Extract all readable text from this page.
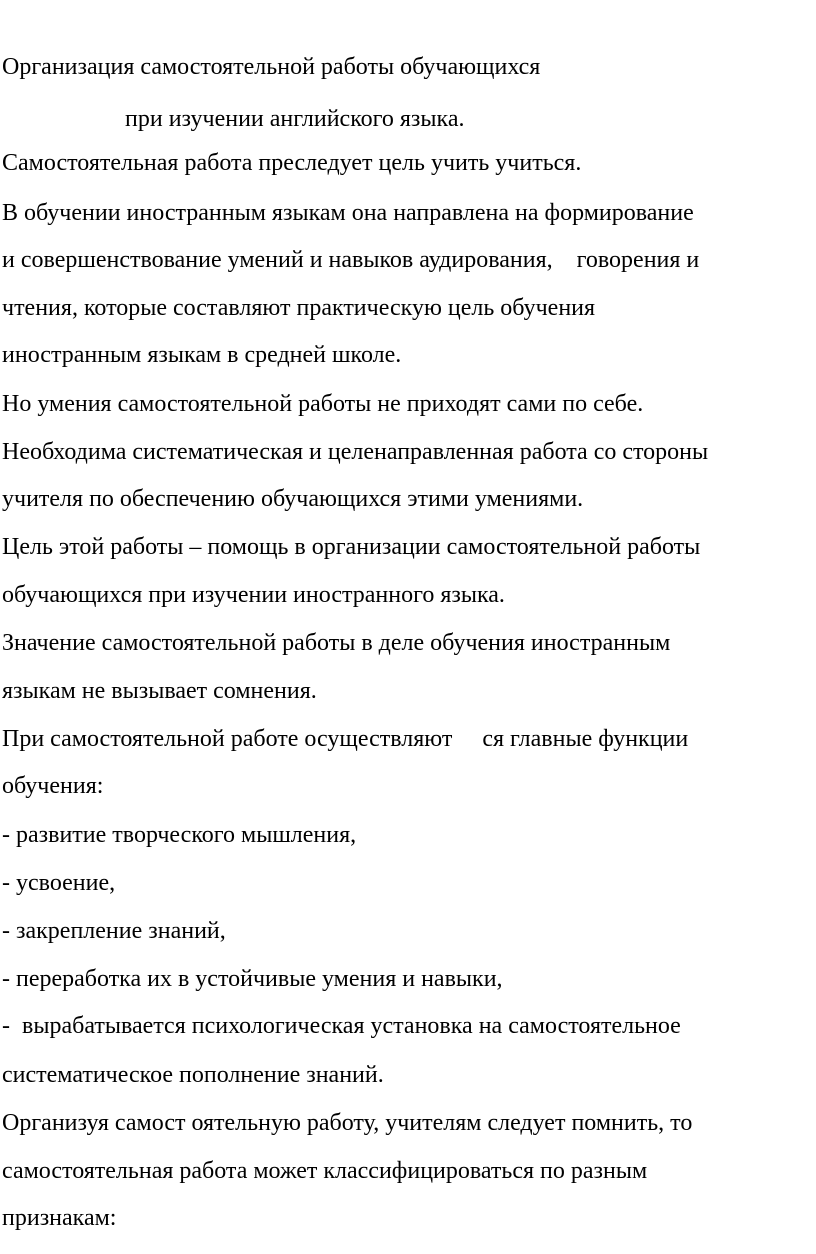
Организация самостоятельной работы обучающихся
при изучении английского языка.
Самостоятельная работа преследует цель учить учиться.
В обучении иностранным языкам она направлена на формирование
и совершенствование умений и навыков аудирования,    говорения и
чтения, которые составляют практическую цель обучения
иностранным языкам в средней школе.
Но умения самостоятельной работы не приходят сами по себе.
Необходима систематическая и целенаправленная работа со стороны
учителя по обеспечению обучающихся этими умениями.
Цель этой работы – помощь в организации самостоятельной работы
обучающихся при изучении иностранного языка.
Значение самостоятельной работы в деле обучения иностранным
языкам не вызывает сомнения.
При самостоятельной работе осуществляют     ся главные функции
обучения:
- развитие творческого мышления,
- усвоение,
- закрепление знаний,
- переработка их в устойчивые умения и навыки,
-  вырабатывается психологическая установка на самостоятельное
систематическое пополнение знаний.
Организуя самост оятельную работу, учителям следует помнить, то
самостоятельная работа может классифицироваться по разным
признакам:
